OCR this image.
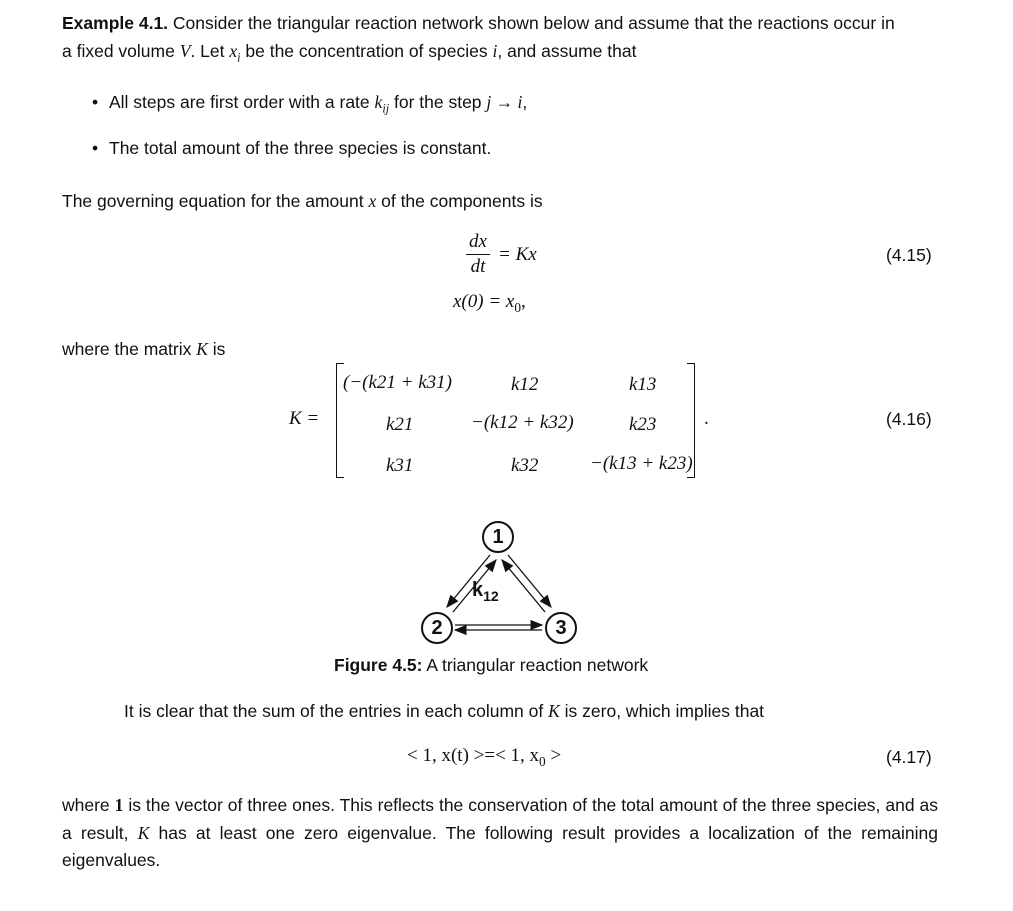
Example 4.1. Consider the triangular reaction network shown below and assume that the reactions occur in
a fixed volume V. Let $x_i$ be the concentration of species i, and assume that
• All steps are first order with a rate $k_{ij}$ for the step j → i,
• The total amount of the three species is constant.
The governing equation for the amount x of the components is
dx
dt
= Kx
$x(0) = x_0$,
(4.15)
where the matrix K is
K =
(−(k21 + k31)	k12	k13
k21	−(k12 + k32)	k23
k31	k32	−(k13 + k23)
.	(4.16)
1
2	3
$k_{12}$
Figure 4.5: A triangular reaction network
It is clear that the sum of the entries in each column of K is zero, which implies that
< 1, x(t) >=< 1, $x_0$ >	(4.17)
where 1 is the vector of three ones. This reflects the conservation of the total amount of the three species, and as a result, K has at least one zero eigenvalue. The following result provides a localization of the remaining eigenvalues.
